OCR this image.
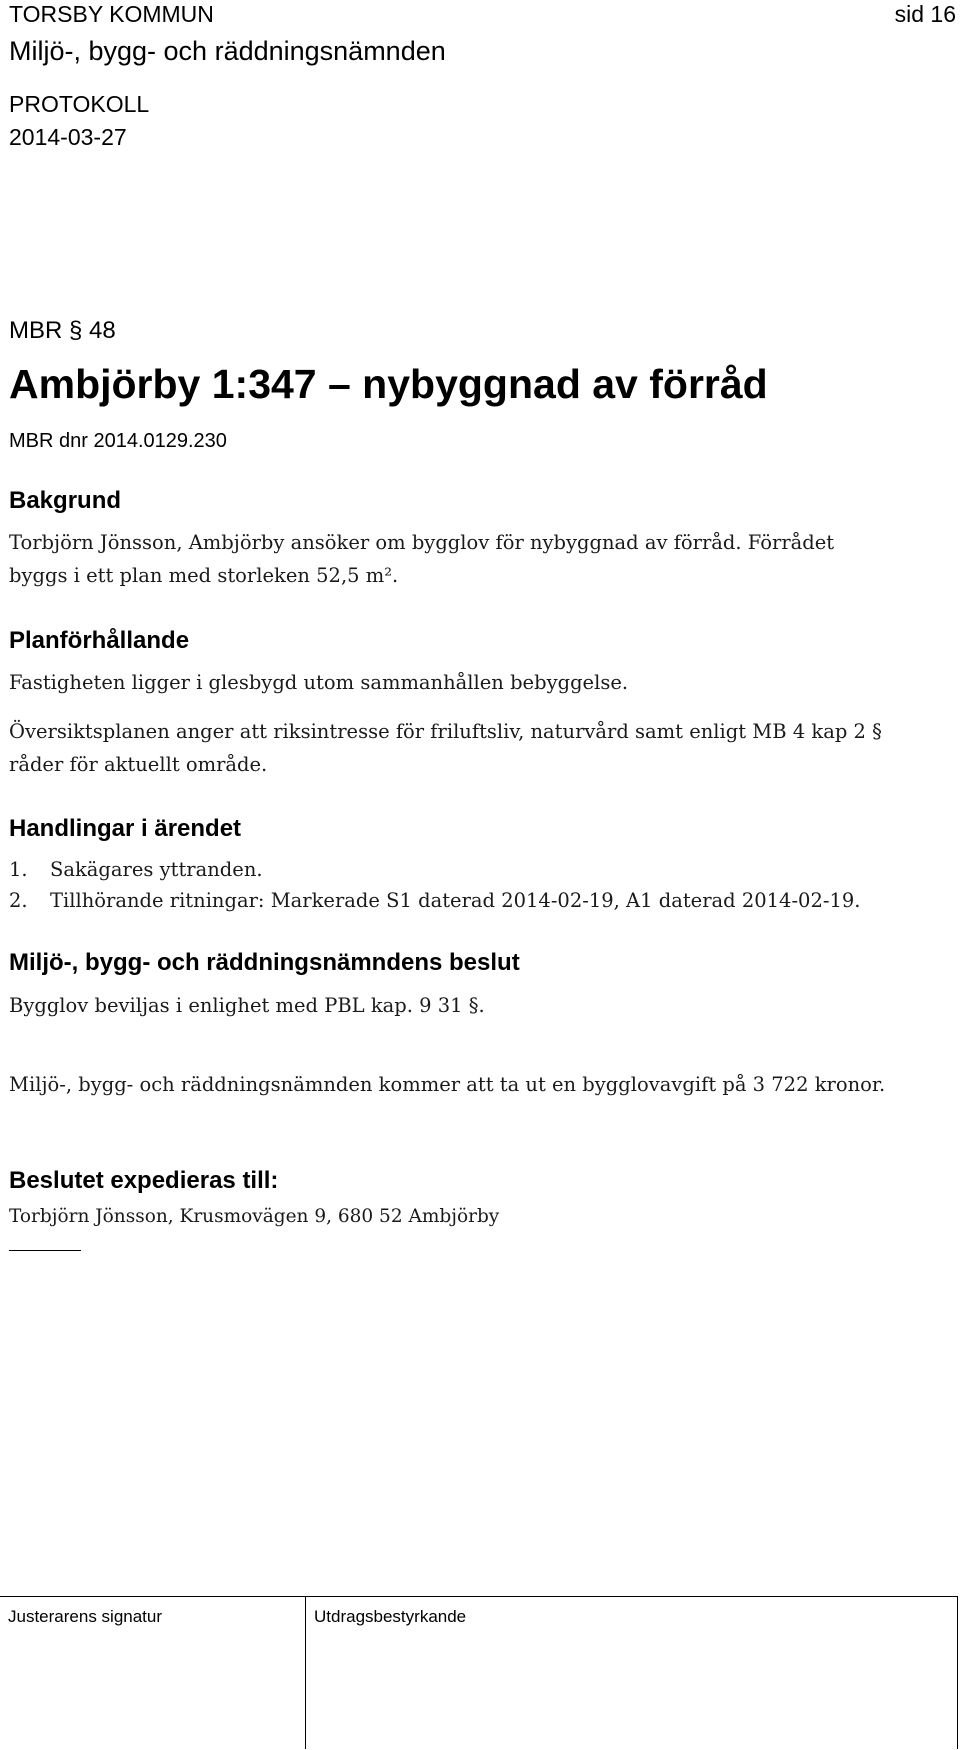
TORSBY KOMMUN
Miljö-, bygg- och räddningsnämnden
PROTOKOLL
2014-03-27
sid 16
MBR § 48
Ambjörby 1:347 – nybyggnad av förråd
MBR dnr 2014.0129.230
Bakgrund
Torbjörn Jönsson, Ambjörby ansöker om bygglov för nybyggnad av förråd. Förrådet byggs i ett plan med storleken 52,5 m².
Planförhållande
Fastigheten ligger i glesbygd utom sammanhållen bebyggelse.
Översiktsplanen anger att riksintresse för friluftsliv, naturvård samt enligt MB 4 kap 2 § råder för aktuellt område.
Handlingar i ärendet
1. Sakägares yttranden.
2. Tillhörande ritningar: Markerade S1 daterad 2014-02-19, A1 daterad 2014-02-19.
Miljö-, bygg- och räddningsnämndens beslut
Bygglov beviljas i enlighet med PBL kap. 9 31 §.
Miljö-, bygg- och räddningsnämnden kommer att ta ut en bygglovavgift på 3 722 kronor.
Beslutet expedieras till:
Torbjörn Jönsson, Krusmovägen 9, 680 52 Ambjörby
Justerarens signatur	Utdragsbestyrkande
